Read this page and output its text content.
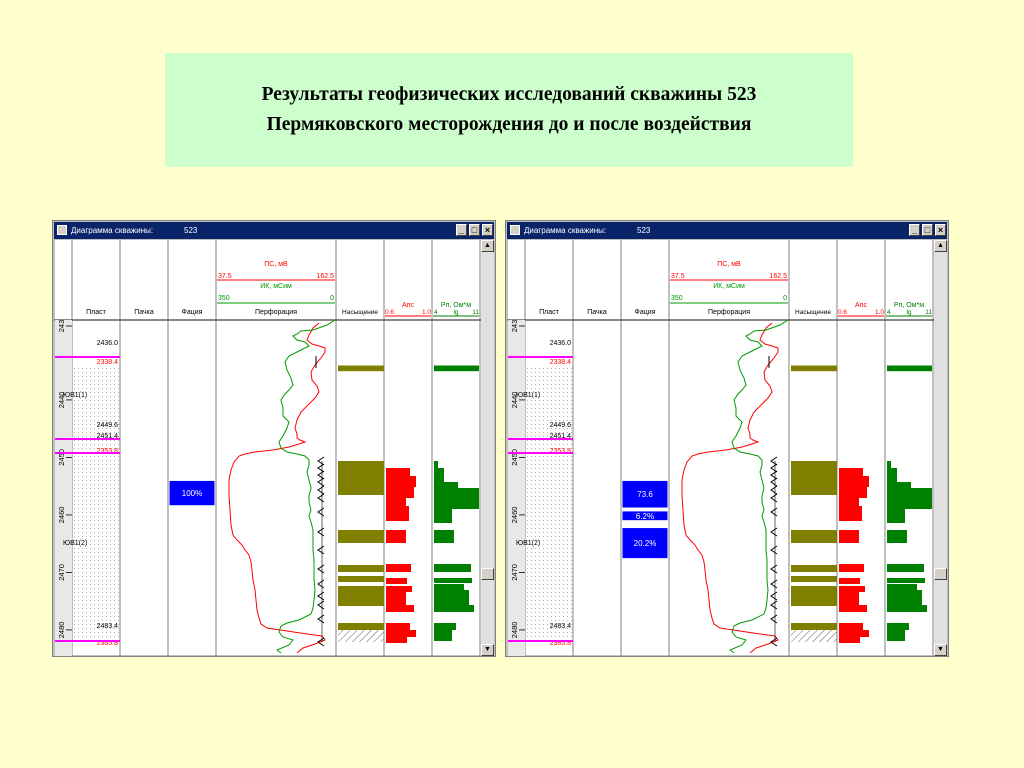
Результаты геофизических исследований скважины 523
Пермяковского месторождения до и после воздействия
Диаграмма скважины:	523	_ □ ×
Пласт	Пачка	Фация	Перфорация	Насыщение
ПС, мВ
37.5	162.5
ИК, мСим
350	0
Апс
0.6	1.0
Рп, Ом*м
4 lg 11
243
2440
2450
2460
2470
2480
2436.0
2338.4
2449.6
2451.4
2353.8
2483.4
2385.8
ЮВ1(1)
ЮВ1(2)
100%
▲
▼
Диаграмма скважины:	523	_ □ ×
Пласт	Пачка	Фация	Перфорация	Насыщение
ПС, мВ
37.5	162.5
ИК, мСим
350	0
Апс
0.6	1.0
Рп, Ом*м
4 lg 11
243
2440
2450
2460
2470
2480
2436.0
2338.4
2449.6
2451.4
2353.8
2483.4
2385.8
ЮВ1(1)
ЮВ1(2)
73.6
6.2%
20.2%
▲
▼
